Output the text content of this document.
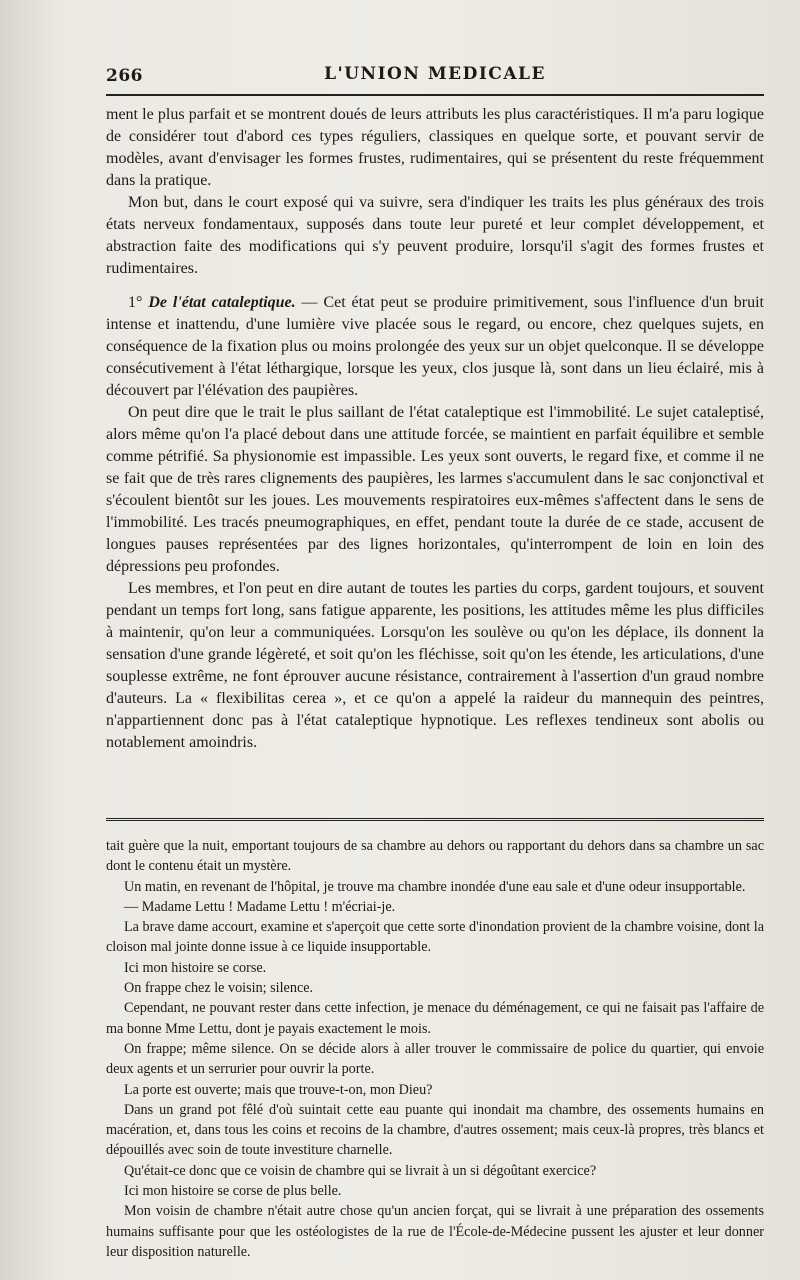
266	L'UNION MEDICALE

ment le plus parfait et se montrent doués de leurs attributs les plus caractéristiques. Il m'a paru logique de considérer tout d'abord ces types réguliers, classiques en quelque sorte, et pouvant servir de modèles, avant d'envisager les formes frustes, rudimentaires, qui se présentent du reste fréquemment dans la pratique.

Mon but, dans le court exposé qui va suivre, sera d'indiquer les traits les plus généraux des trois états nerveux fondamentaux, supposés dans toute leur pureté et leur complet développement, et abstraction faite des modifications qui s'y peuvent produire, lorsqu'il s'agit des formes frustes et rudimentaires.

1° De l'état cataleptique. — Cet état peut se produire primitivement, sous l'influence d'un bruit intense et inattendu, d'une lumière vive placée sous le regard, ou encore, chez quelques sujets, en conséquence de la fixation plus ou moins prolongée des yeux sur un objet quelconque. Il se développe consécutivement à l'état léthargique, lorsque les yeux, clos jusque là, sont dans un lieu éclairé, mis à découvert par l'élévation des paupières.

On peut dire que le trait le plus saillant de l'état cataleptique est l'immobilité. Le sujet cataleptisé, alors même qu'on l'a placé debout dans une attitude forcée, se maintient en parfait équilibre et semble comme pétrifié. Sa physionomie est impassible. Les yeux sont ouverts, le regard fixe, et comme il ne se fait que de très rares clignements des paupières, les larmes s'accumulent dans le sac conjonctival et s'écoulent bientôt sur les joues. Les mouvements respiratoires eux-mêmes s'affectent dans le sens de l'immobilité. Les tracés pneumographiques, en effet, pendant toute la durée de ce stade, accusent de longues pauses représentées par des lignes horizontales, qu'interrompent de loin en loin des dépressions peu profondes.

Les membres, et l'on peut en dire autant de toutes les parties du corps, gardent toujours, et souvent pendant un temps fort long, sans fatigue apparente, les positions, les attitudes même les plus difficiles à maintenir, qu'on leur a communiquées. Lorsqu'on les soulève ou qu'on les déplace, ils donnent la sensation d'une grande légèreté, et soit qu'on les fléchisse, soit qu'on les étende, les articulations, d'une souplesse extrême, ne font éprouver aucune résistance, contrairement à l'assertion d'un graud nombre d'auteurs. La « flexibilitas cerea », et ce qu'on a appelé la raideur du mannequin des peintres, n'appartiennent donc pas à l'état cataleptique hypnotique. Les reflexes tendineux sont abolis ou notablement amoindris.

tait guère que la nuit, emportant toujours de sa chambre au dehors ou rapportant du dehors dans sa chambre un sac dont le contenu était un mystère.

Un matin, en revenant de l'hôpital, je trouve ma chambre inondée d'une eau sale et d'une odeur insupportable.

— Madame Lettu ! Madame Lettu ! m'écriai-je.

La brave dame accourt, examine et s'aperçoit que cette sorte d'inondation provient de la chambre voisine, dont la cloison mal jointe donne issue à ce liquide insupportable.

Ici mon histoire se corse.

On frappe chez le voisin; silence.

Cependant, ne pouvant rester dans cette infection, je menace du déménagement, ce qui ne faisait pas l'affaire de ma bonne Mme Lettu, dont je payais exactement le mois.

On frappe; même silence. On se décide alors à aller trouver le commissaire de police du quartier, qui envoie deux agents et un serrurier pour ouvrir la porte.

La porte est ouverte; mais que trouve-t-on, mon Dieu?

Dans un grand pot fêlé d'où suintait cette eau puante qui inondait ma chambre, des ossements humains en macération, et, dans tous les coins et recoins de la chambre, d'autres ossement; mais ceux-là propres, très blancs et dépouillés avec soin de toute investiture charnelle.

Qu'était-ce donc que ce voisin de chambre qui se livrait à un si dégoûtant exercice?

Ici mon histoire se corse de plus belle.

Mon voisin de chambre n'était autre chose qu'un ancien forçat, qui se livrait à une préparation des ossements humains suffisante pour que les ostéologistes de la rue de l'École-de-Médecine pussent les ajuster et leur donner leur disposition naturelle.
